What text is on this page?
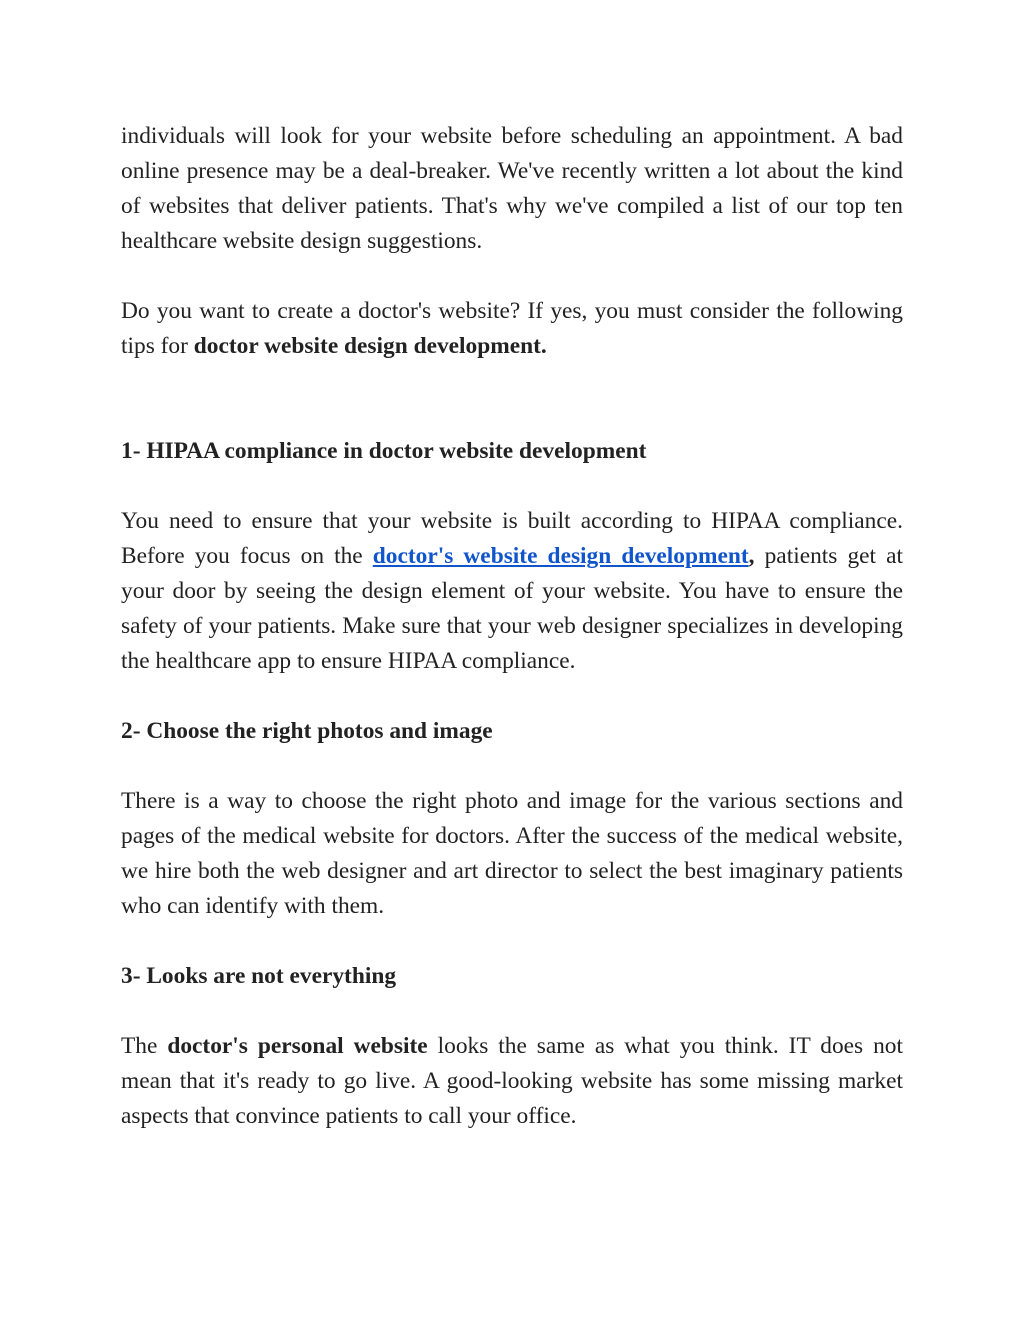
individuals will look for your website before scheduling an appointment. A bad online presence may be a deal-breaker. We've recently written a lot about the kind of websites that deliver patients. That's why we've compiled a list of our top ten healthcare website design suggestions.

Do you want to create a doctor's website? If yes, you must consider the following tips for doctor website design development.

1- HIPAA compliance in doctor website development

You need to ensure that your website is built according to HIPAA compliance. Before you focus on the doctor's website design development, patients get at your door by seeing the design element of your website. You have to ensure the safety of your patients. Make sure that your web designer specializes in developing the healthcare app to ensure HIPAA compliance.

2- Choose the right photos and image

There is a way to choose the right photo and image for the various sections and pages of the medical website for doctors. After the success of the medical website, we hire both the web designer and art director to select the best imaginary patients who can identify with them.

3- Looks are not everything

The doctor's personal website looks the same as what you think. IT does not mean that it's ready to go live. A good-looking website has some missing market aspects that convince patients to call your office.
